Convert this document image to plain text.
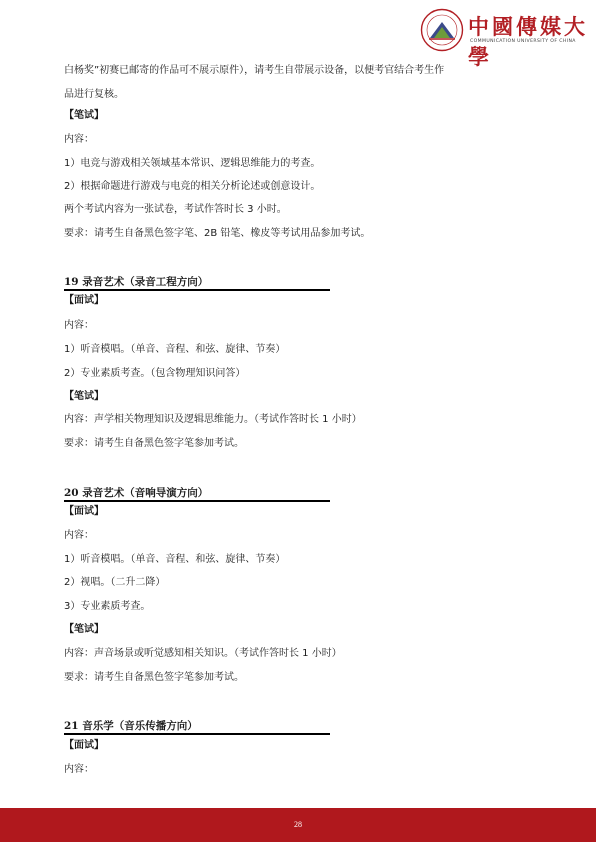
中國傳媒大學
COMMUNICATION UNIVERSITY OF CHINA
白杨奖”初赛已邮寄的作品可不展示原件），请考生自带展示设备，以便考官结合考生作
品进行复核。
【笔试】
内容：
1）电竞与游戏相关领域基本常识、逻辑思维能力的考查。
2）根据命题进行游戏与电竞的相关分析论述或创意设计。
两个考试内容为一张试卷，考试作答时长 3 小时。
要求：请考生自备黑色签字笔、2B 铅笔、橡皮等考试用品参加考试。
19 录音艺术（录音工程方向）
【面试】
内容：
1）听音模唱。（单音、音程、和弦、旋律、节奏）
2）专业素质考查。（包含物理知识问答）
【笔试】
内容：声学相关物理知识及逻辑思维能力。（考试作答时长 1 小时）
要求：请考生自备黑色签字笔参加考试。
20 录音艺术（音响导演方向）
【面试】
内容：
1）听音模唱。（单音、音程、和弦、旋律、节奏）
2）视唱。（二升二降）
3）专业素质考查。
【笔试】
内容：声音场景或听觉感知相关知识。（考试作答时长 1 小时）
要求：请考生自备黑色签字笔参加考试。
21 音乐学（音乐传播方向）
【面试】
内容：
28
